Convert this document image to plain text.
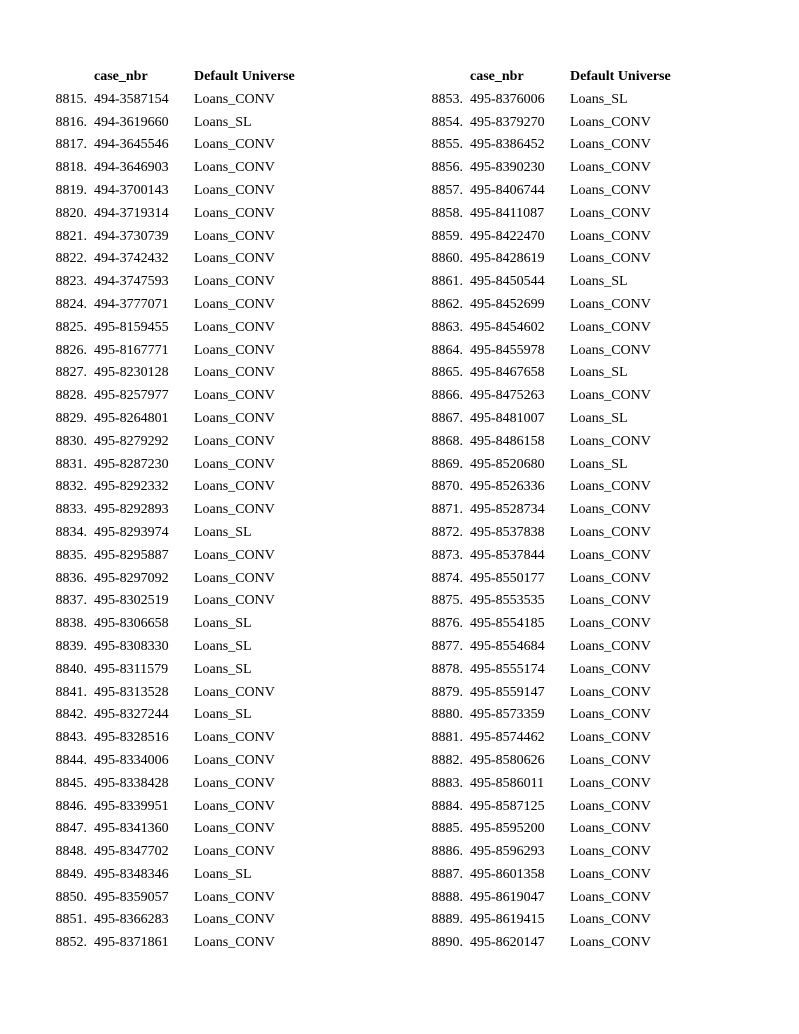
case_nbr	Default Universe
8815. 494-3587154	Loans_CONV
8816. 494-3619660	Loans_SL
8817. 494-3645546	Loans_CONV
8818. 494-3646903	Loans_CONV
8819. 494-3700143	Loans_CONV
8820. 494-3719314	Loans_CONV
8821. 494-3730739	Loans_CONV
8822. 494-3742432	Loans_CONV
8823. 494-3747593	Loans_CONV
8824. 494-3777071	Loans_CONV
8825. 495-8159455	Loans_CONV
8826. 495-8167771	Loans_CONV
8827. 495-8230128	Loans_CONV
8828. 495-8257977	Loans_CONV
8829. 495-8264801	Loans_CONV
8830. 495-8279292	Loans_CONV
8831. 495-8287230	Loans_CONV
8832. 495-8292332	Loans_CONV
8833. 495-8292893	Loans_CONV
8834. 495-8293974	Loans_SL
8835. 495-8295887	Loans_CONV
8836. 495-8297092	Loans_CONV
8837. 495-8302519	Loans_CONV
8838. 495-8306658	Loans_SL
8839. 495-8308330	Loans_SL
8840. 495-8311579	Loans_SL
8841. 495-8313528	Loans_CONV
8842. 495-8327244	Loans_SL
8843. 495-8328516	Loans_CONV
8844. 495-8334006	Loans_CONV
8845. 495-8338428	Loans_CONV
8846. 495-8339951	Loans_CONV
8847. 495-8341360	Loans_CONV
8848. 495-8347702	Loans_CONV
8849. 495-8348346	Loans_SL
8850. 495-8359057	Loans_CONV
8851. 495-8366283	Loans_CONV
8852. 495-8371861	Loans_CONV
case_nbr	Default Universe
8853. 495-8376006	Loans_SL
8854. 495-8379270	Loans_CONV
8855. 495-8386452	Loans_CONV
8856. 495-8390230	Loans_CONV
8857. 495-8406744	Loans_CONV
8858. 495-8411087	Loans_CONV
8859. 495-8422470	Loans_CONV
8860. 495-8428619	Loans_CONV
8861. 495-8450544	Loans_SL
8862. 495-8452699	Loans_CONV
8863. 495-8454602	Loans_CONV
8864. 495-8455978	Loans_CONV
8865. 495-8467658	Loans_SL
8866. 495-8475263	Loans_CONV
8867. 495-8481007	Loans_SL
8868. 495-8486158	Loans_CONV
8869. 495-8520680	Loans_SL
8870. 495-8526336	Loans_CONV
8871. 495-8528734	Loans_CONV
8872. 495-8537838	Loans_CONV
8873. 495-8537844	Loans_CONV
8874. 495-8550177	Loans_CONV
8875. 495-8553535	Loans_CONV
8876. 495-8554185	Loans_CONV
8877. 495-8554684	Loans_CONV
8878. 495-8555174	Loans_CONV
8879. 495-8559147	Loans_CONV
8880. 495-8573359	Loans_CONV
8881. 495-8574462	Loans_CONV
8882. 495-8580626	Loans_CONV
8883. 495-8586011	Loans_CONV
8884. 495-8587125	Loans_CONV
8885. 495-8595200	Loans_CONV
8886. 495-8596293	Loans_CONV
8887. 495-8601358	Loans_CONV
8888. 495-8619047	Loans_CONV
8889. 495-8619415	Loans_CONV
8890. 495-8620147	Loans_CONV
